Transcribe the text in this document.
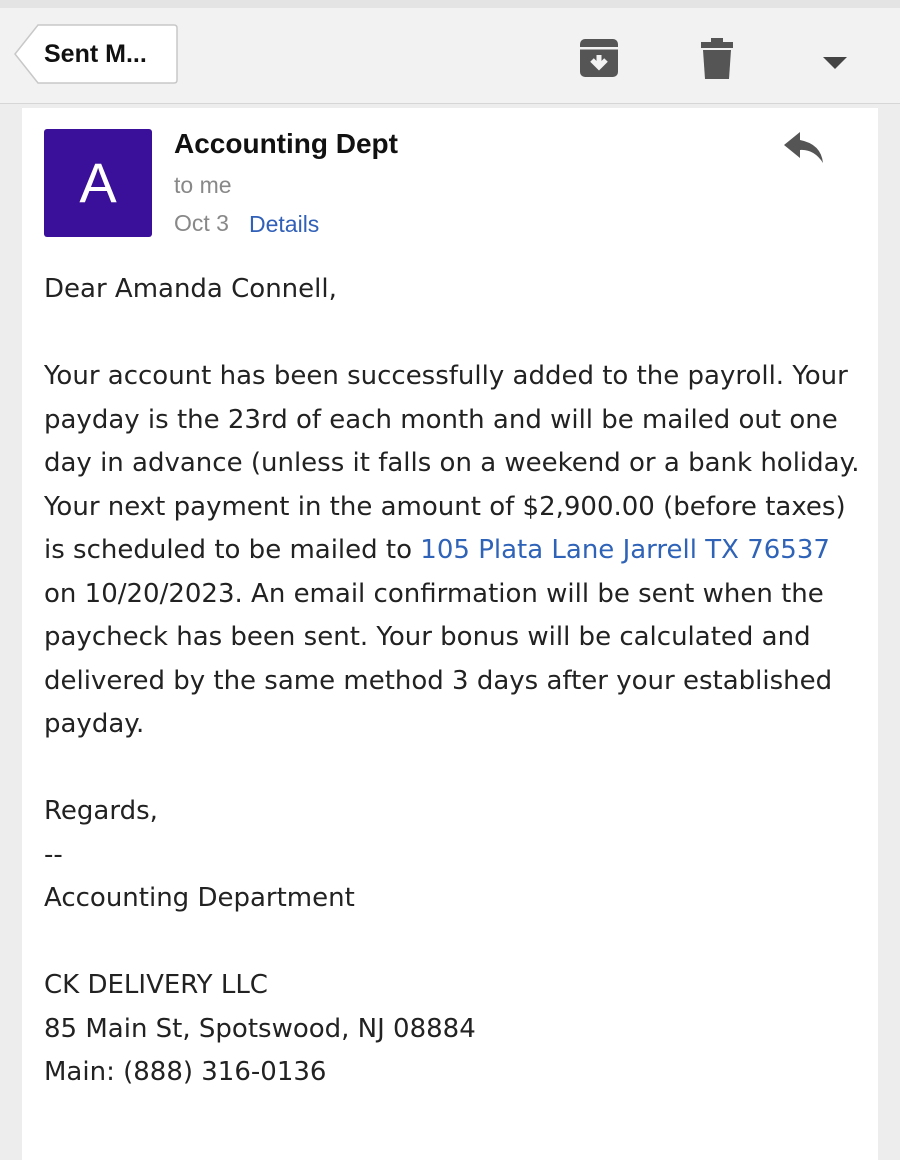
Sent M...
A
Accounting Dept
to me
Oct 3 Details

Dear Amanda Connell,

Your account has been successfully added to the payroll. Your payday is the 23rd of each month and will be mailed out one day in advance (unless it falls on a weekend or a bank holiday. Your next payment in the amount of $2,900.00 (before taxes) is scheduled to be mailed to 105 Plata Lane Jarrell TX 76537 on 10/20/2023. An email confirmation will be sent when the paycheck has been sent. Your bonus will be calculated and delivered by the same method 3 days after your established payday.

Regards,

--

Accounting Department

CK DELIVERY LLC

85 Main St, Spotswood, NJ 08884

Main: (888) 316-0136
